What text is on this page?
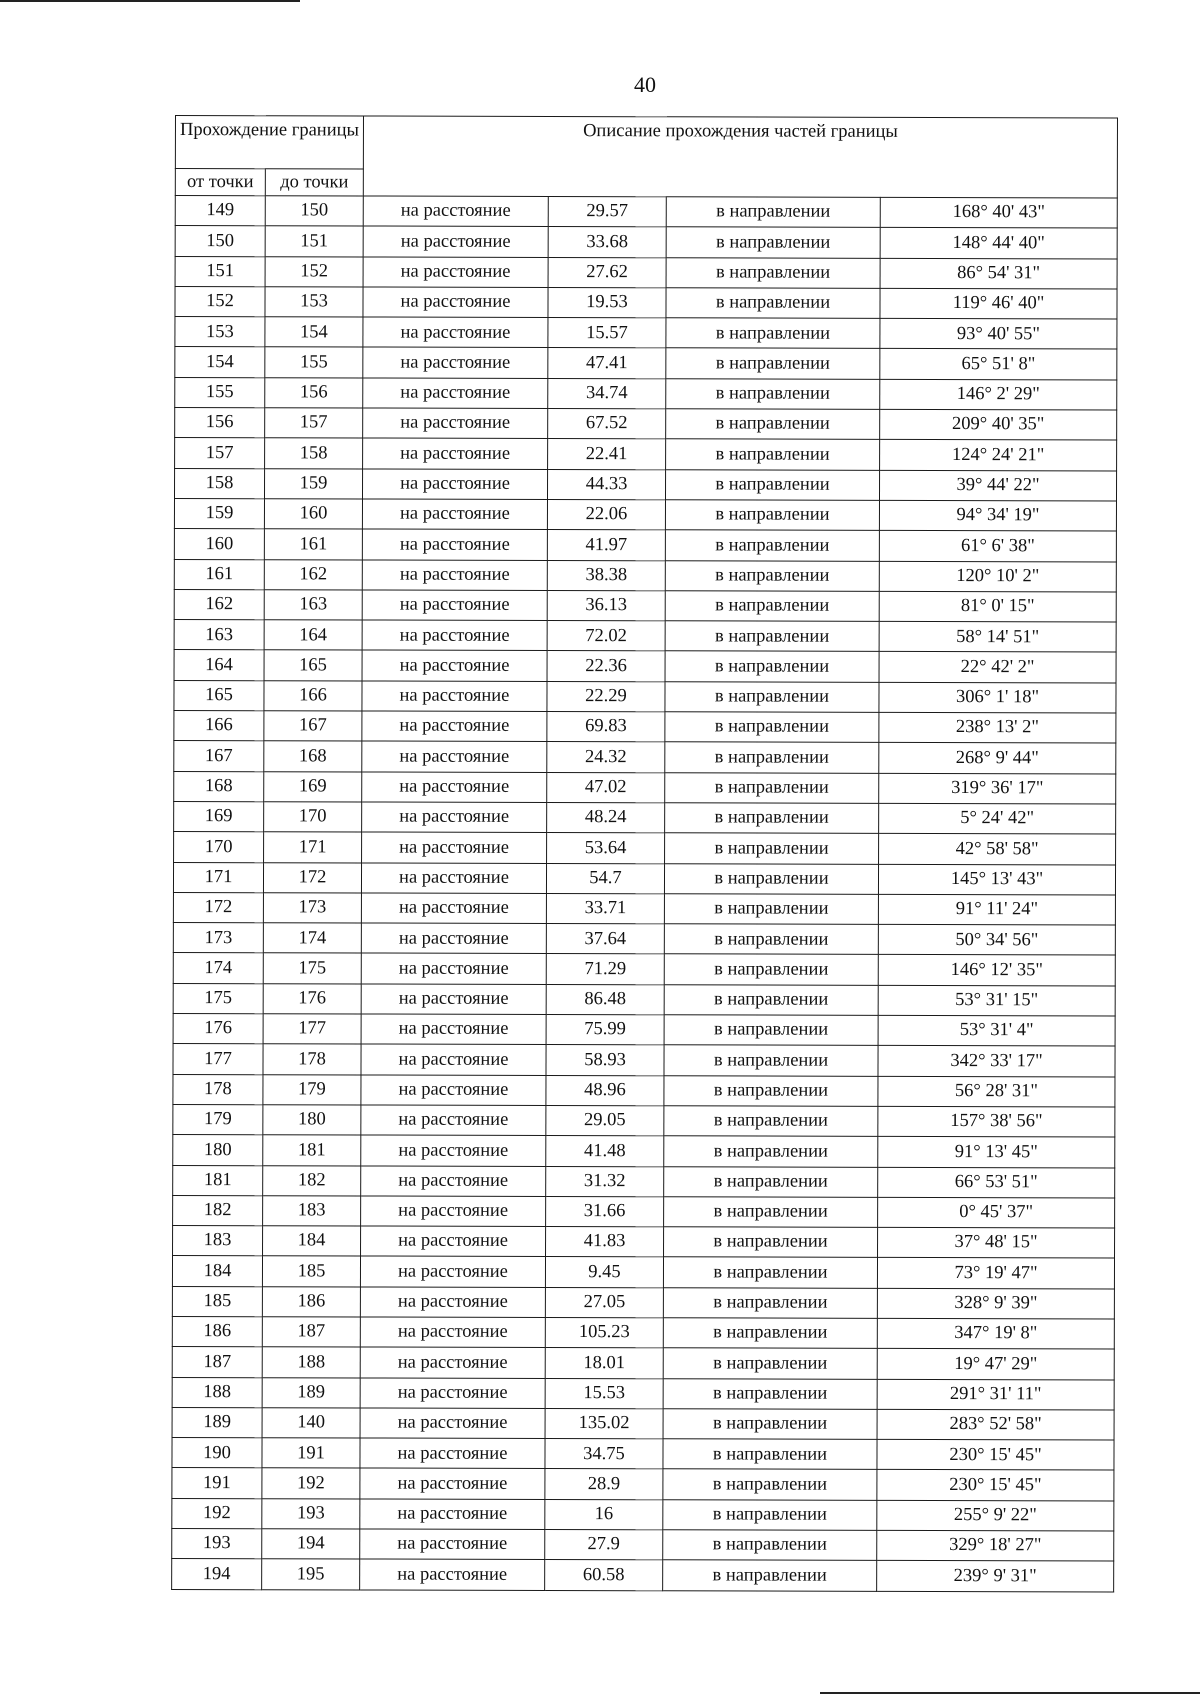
40
Прохождение границы		Описание прохождения частей границы			
от точки	до точки				
149	150	на расстояние	29.57	в направлении	168° 40' 43"
150	151	на расстояние	33.68	в направлении	148° 44' 40"
151	152	на расстояние	27.62	в направлении	86° 54' 31"
152	153	на расстояние	19.53	в направлении	119° 46' 40"
153	154	на расстояние	15.57	в направлении	93° 40' 55"
154	155	на расстояние	47.41	в направлении	65° 51' 8"
155	156	на расстояние	34.74	в направлении	146° 2' 29"
156	157	на расстояние	67.52	в направлении	209° 40' 35"
157	158	на расстояние	22.41	в направлении	124° 24' 21"
158	159	на расстояние	44.33	в направлении	39° 44' 22"
159	160	на расстояние	22.06	в направлении	94° 34' 19"
160	161	на расстояние	41.97	в направлении	61° 6' 38"
161	162	на расстояние	38.38	в направлении	120° 10' 2"
162	163	на расстояние	36.13	в направлении	81° 0' 15"
163	164	на расстояние	72.02	в направлении	58° 14' 51"
164	165	на расстояние	22.36	в направлении	22° 42' 2"
165	166	на расстояние	22.29	в направлении	306° 1' 18"
166	167	на расстояние	69.83	в направлении	238° 13' 2"
167	168	на расстояние	24.32	в направлении	268° 9' 44"
168	169	на расстояние	47.02	в направлении	319° 36' 17"
169	170	на расстояние	48.24	в направлении	5° 24' 42"
170	171	на расстояние	53.64	в направлении	42° 58' 58"
171	172	на расстояние	54.7	в направлении	145° 13' 43"
172	173	на расстояние	33.71	в направлении	91° 11' 24"
173	174	на расстояние	37.64	в направлении	50° 34' 56"
174	175	на расстояние	71.29	в направлении	146° 12' 35"
175	176	на расстояние	86.48	в направлении	53° 31' 15"
176	177	на расстояние	75.99	в направлении	53° 31' 4"
177	178	на расстояние	58.93	в направлении	342° 33' 17"
178	179	на расстояние	48.96	в направлении	56° 28' 31"
179	180	на расстояние	29.05	в направлении	157° 38' 56"
180	181	на расстояние	41.48	в направлении	91° 13' 45"
181	182	на расстояние	31.32	в направлении	66° 53' 51"
182	183	на расстояние	31.66	в направлении	0° 45' 37"
183	184	на расстояние	41.83	в направлении	37° 48' 15"
184	185	на расстояние	9.45	в направлении	73° 19' 47"
185	186	на расстояние	27.05	в направлении	328° 9' 39"
186	187	на расстояние	105.23	в направлении	347° 19' 8"
187	188	на расстояние	18.01	в направлении	19° 47' 29"
188	189	на расстояние	15.53	в направлении	291° 31' 11"
189	140	на расстояние	135.02	в направлении	283° 52' 58"
190	191	на расстояние	34.75	в направлении	230° 15' 45"
191	192	на расстояние	28.9	в направлении	230° 15' 45"
192	193	на расстояние	16	в направлении	255° 9' 22"
193	194	на расстояние	27.9	в направлении	329° 18' 27"
194	195	на расстояние	60.58	в направлении	239° 9' 31"
